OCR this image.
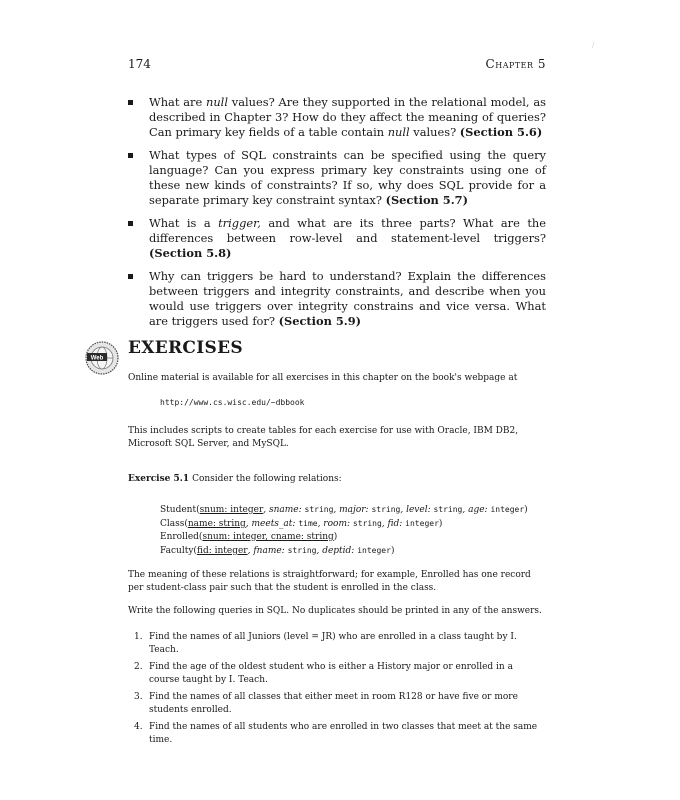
174	Chapter 5
/
What are null values? Are they supported in the relational model, as described in Chapter 3? How do they affect the meaning of queries? Can primary key fields of a table contain null values? (Section 5.6)
What types of SQL constraints can be specified using the query language? Can you express primary key constraints using one of these new kinds of constraints? If so, why does SQL provide for a separate primary key constraint syntax? (Section 5.7)
What is a trigger, and what are its three parts? What are the differences between row-level and statement-level triggers? (Section 5.8)
Why can triggers be hard to understand? Explain the differences between triggers and integrity constraints, and describe when you would use triggers over integrity constrains and vice versa. What are triggers used for? (Section 5.9)
Web
EXERCISES

Online material is available for all exercises in this chapter on the book's webpage at

http://www.cs.wisc.edu/~dbbook

This includes scripts to create tables for each exercise for use with Oracle, IBM DB2, Microsoft SQL Server, and MySQL.

Exercise 5.1 Consider the following relations:

Student(snum: integer, sname: string, major: string, level: string, age: integer)
Class(name: string, meets_at: time, room: string, fid: integer)
Enrolled(snum: integer, cname: string)
Faculty(fid: integer, fname: string, deptid: integer)

The meaning of these relations is straightforward; for example, Enrolled has one record per student-class pair such that the student is enrolled in the class.

Write the following queries in SQL. No duplicates should be printed in any of the answers.

1. Find the names of all Juniors (level = JR) who are enrolled in a class taught by I. Teach.
2. Find the age of the oldest student who is either a History major or enrolled in a course taught by I. Teach.
3. Find the names of all classes that either meet in room R128 or have five or more students enrolled.
4. Find the names of all students who are enrolled in two classes that meet at the same time.
